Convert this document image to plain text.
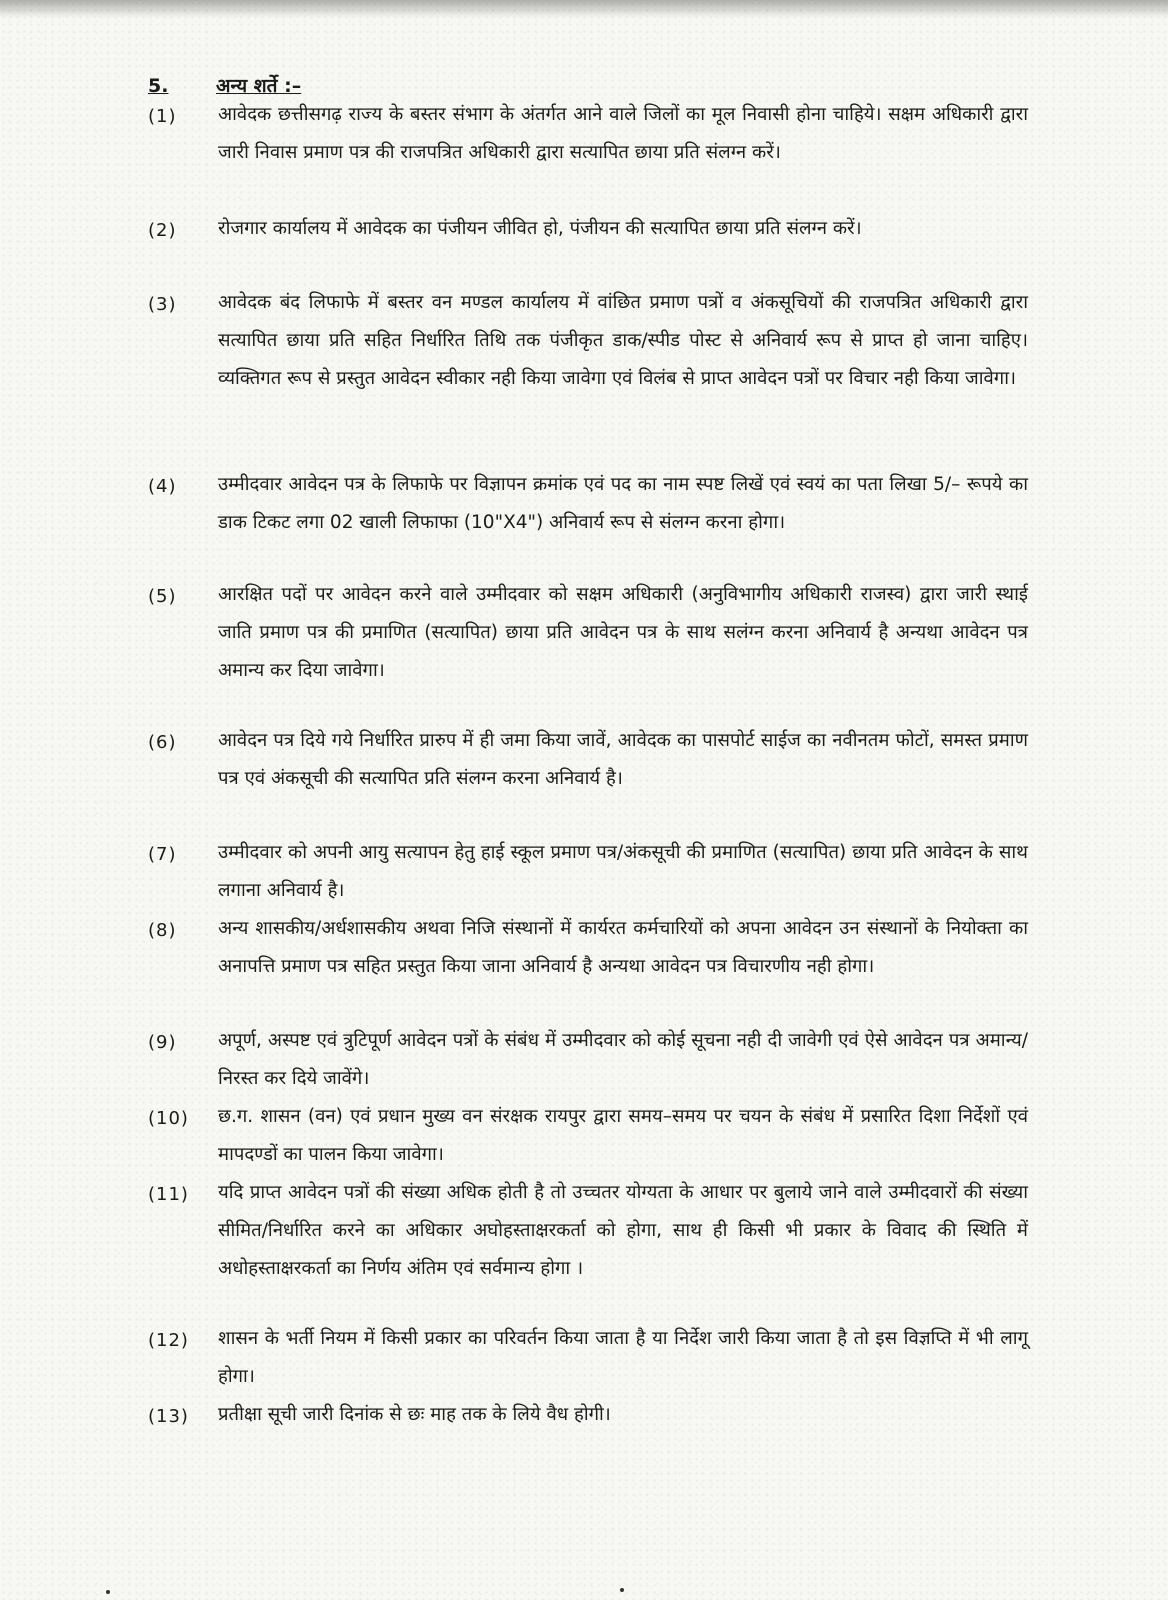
5.	अन्य शर्ते :–
(1)	आवेदक छत्तीसगढ़ राज्य के बस्तर संभाग के अंतर्गत आने वाले जिलों का मूल निवासी होना चाहिये। सक्षम अधिकारी द्वारा जारी निवास प्रमाण पत्र की राजपत्रित अधिकारी द्वारा सत्यापित छाया प्रति संलग्न करें।
(2)	रोजगार कार्यालय में आवेदक का पंजीयन जीवित हो, पंजीयन की सत्यापित छाया प्रति संलग्न करें।
(3)	आवेदक बंद लिफाफे में बस्तर वन मण्डल कार्यालय में वांछित प्रमाण पत्रों व अंकसूचियों की राजपत्रित अधिकारी द्वारा सत्यापित छाया प्रति सहित निर्धारित तिथि तक पंजीकृत डाक/स्पीड पोस्ट से अनिवार्य रूप से प्राप्त हो जाना चाहिए। व्यक्तिगत रूप से प्रस्तुत आवेदन स्वीकार नही किया जावेगा एवं विलंब से प्राप्त आवेदन पत्रों पर विचार नही किया जावेगा।
(4)	उम्मीदवार आवेदन पत्र के लिफाफे पर विज्ञापन क्रमांक एवं पद का नाम स्पष्ट लिखें एवं स्वयं का पता लिखा 5/– रूपये का डाक टिकट लगा 02 खाली लिफाफा (10"X4") अनिवार्य रूप से संलग्न करना होगा।
(5)	आरक्षित पदों पर आवेदन करने वाले उम्मीदवार को सक्षम अधिकारी (अनुविभागीय अधिकारी राजस्व) द्वारा जारी स्थाई जाति प्रमाण पत्र की प्रमाणित (सत्यापित) छाया प्रति आवेदन पत्र के साथ सलंग्न करना अनिवार्य है अन्यथा आवेदन पत्र अमान्य कर दिया जावेगा।
(6)	आवेदन पत्र दिये गये निर्धारित प्रारुप में ही जमा किया जावें, आवेदक का पासपोर्ट साईज का नवीनतम फोटों, समस्त प्रमाण पत्र एवं अंकसूची की सत्यापित प्रति संलग्न करना अनिवार्य है।
(7)	उम्मीदवार को अपनी आयु सत्यापन हेतु हाई स्कूल प्रमाण पत्र/अंकसूची की प्रमाणित (सत्यापित) छाया प्रति आवेदन के साथ लगाना अनिवार्य है।
(8)	अन्य शासकीय/अर्धशासकीय अथवा निजि संस्थानों में कार्यरत कर्मचारियों को अपना आवेदन उन संस्थानों के नियोक्ता का अनापत्ति प्रमाण पत्र सहित प्रस्तुत किया जाना अनिवार्य है अन्यथा आवेदन पत्र विचारणीय नही होगा।
(9)	अपूर्ण, अस्पष्ट एवं त्रुटिपूर्ण आवेदन पत्रों के संबंध में उम्मीदवार को कोई सूचना नही दी जावेगी एवं ऐसे आवेदन पत्र अमान्य/निरस्त कर दिये जावेंगे।
(10)	छ.ग. शासन (वन) एवं प्रधान मुख्य वन संरक्षक रायपुर द्वारा समय–समय पर चयन के संबंध में प्रसारित दिशा निर्देशों एवं मापदण्डों का पालन किया जावेगा।
(11)	यदि प्राप्त आवेदन पत्रों की संख्या अधिक होती है तो उच्चतर योग्यता के आधार पर बुलाये जाने वाले उम्मीदवारों की संख्या सीमित/निर्धारित करने का अधिकार अघोहस्ताक्षरकर्ता को होगा, साथ ही किसी भी प्रकार के विवाद की स्थिति में अधोहस्ताक्षरकर्ता का निर्णय अंतिम एवं सर्वमान्य होगा ।
(12)	शासन के भर्ती नियम में किसी प्रकार का परिवर्तन किया जाता है या निर्देश जारी किया जाता है तो इस विज्ञप्ति में भी लागू होगा।
(13)	प्रतीक्षा सूची जारी दिनांक से छः माह तक के लिये वैध होगी।
